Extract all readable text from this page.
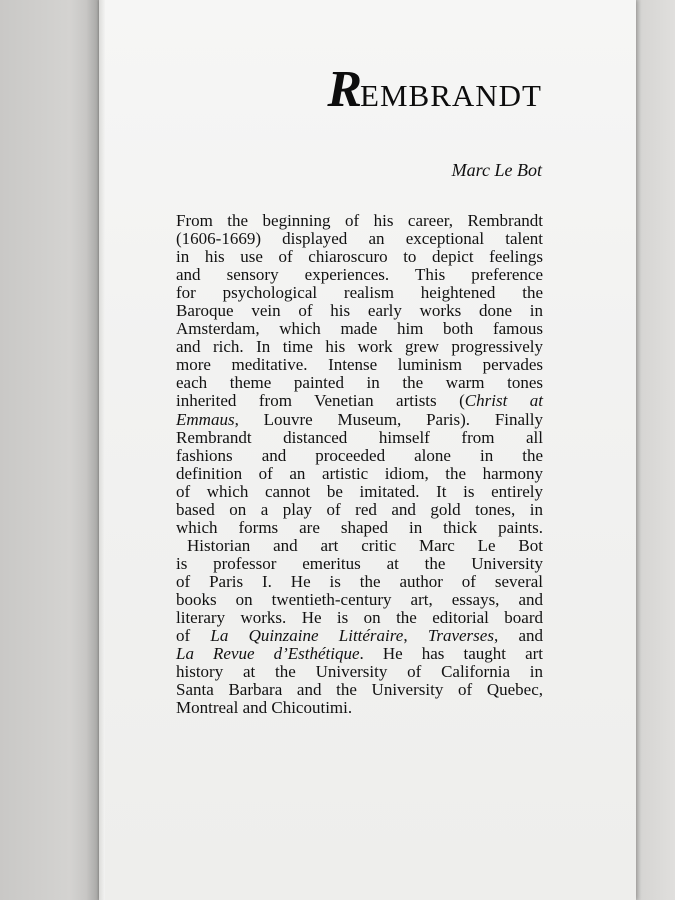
REMBRANDT
Marc Le Bot
From the beginning of his career, Rembrandt
(1606-1669) displayed an exceptional talent
in his use of chiaroscuro to depict feelings
and sensory experiences. This preference
for psychological realism heightened the
Baroque vein of his early works done in
Amsterdam, which made him both famous
and rich. In time his work grew progressively
more meditative. Intense luminism pervades
each theme painted in the warm tones
inherited from Venetian artists (Christ at
Emmaus, Louvre Museum, Paris). Finally
Rembrandt distanced himself from all
fashions and proceeded alone in the
definition of an artistic idiom, the harmony
of which cannot be imitated. It is entirely
based on a play of red and gold tones, in
which forms are shaped in thick paints.
Historian and art critic Marc Le Bot
is professor emeritus at the University
of Paris I. He is the author of several
books on twentieth-century art, essays, and
literary works. He is on the editorial board
of La Quinzaine Littéraire, Traverses, and
La Revue d’Esthétique. He has taught art
history at the University of California in
Santa Barbara and the University of Quebec,
Montreal and Chicoutimi.
